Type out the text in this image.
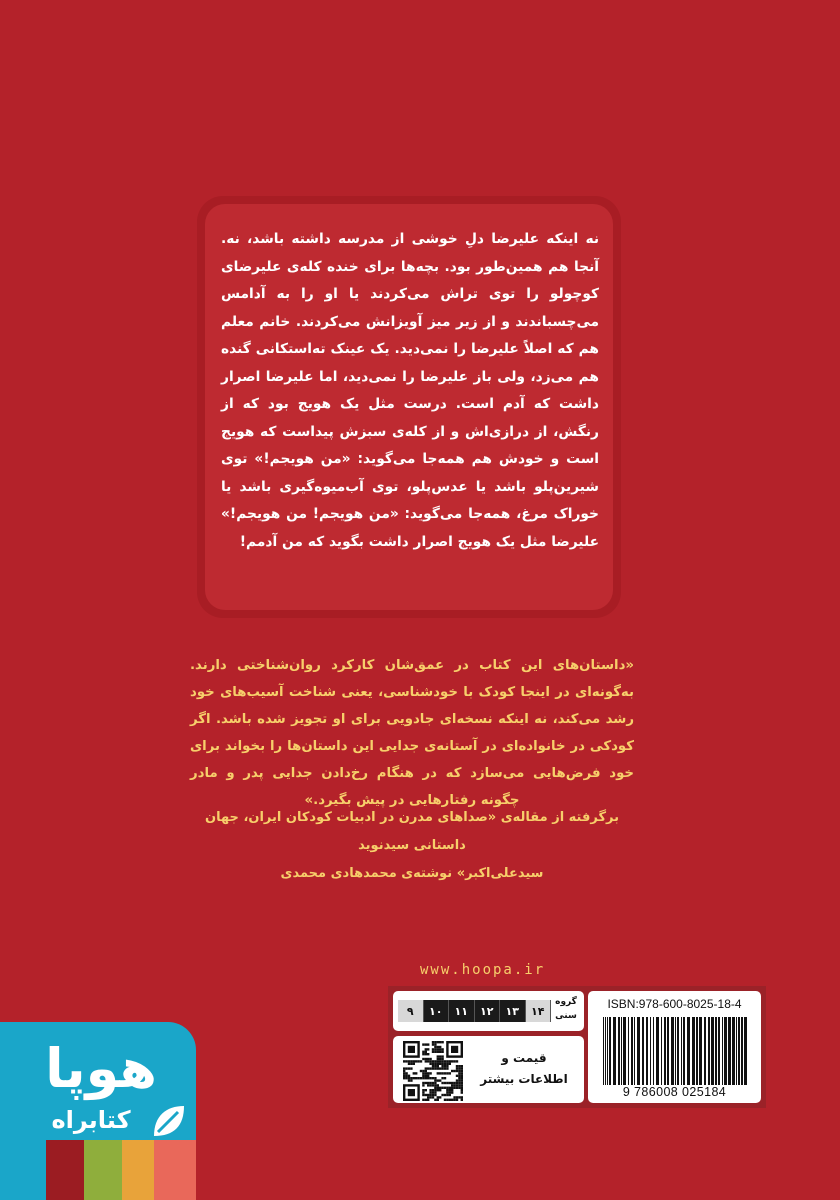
نه اینکه علیرضا دلِ خوشی از مدرسه داشته باشد، نه. آنجا هم همین‌طور بود. بچه‌ها برای خنده کله‌ی علیرضای کوچولو را توی تراش می‌کردند یا او را به آدامس می‌چسباندند و از زیر میز آویزانش می‌کردند. خانم معلم هم که اصلاً علیرضا را نمی‌دید. یک عینک ته‌استکانی گنده هم می‌زد، ولی باز علیرضا را نمی‌دید، اما علیرضا اصرار داشت که آدم است. درست مثل یک هویج بود که از رنگش، از درازی‌اش و از کله‌ی سبزش پیداست که هویج است و خودش هم همه‌جا می‌گوید: «من هویجم!» توی شیرین‌پلو باشد یا عدس‌پلو، توی آب‌میوه‌گیری باشد یا خوراک مرغ، همه‌جا می‌گوید: «من هویجم! من هویجم!» علیرضا مثل یک هویج اصرار داشت بگوید که من آدمم!
«داستان‌های این کتاب در عمق‌شان کارکرد روان‌شناختی دارند. به‌گونه‌ای در اینجا کودک با خودشناسی، یعنی شناخت آسیب‌های خود رشد می‌کند، نه اینکه نسخه‌ای جادویی برای او تجویز شده باشد. اگر کودکی در خانواده‌ای در آستانه‌ی جدایی این داستان‌ها را بخواند برای خود فرض‌هایی می‌سازد که در هنگام رخ‌دادن جدایی پدر و مادر چگونه رفتارهایی در پیش بگیرد.»
برگرفته از مقاله‌ی «صداهای مدرن در ادبیات کودکان ایران، جهان داستانی سیدنوید
سیدعلی‌اکبر» نوشته‌ی محمدهادی محمدی
www.hoopa.ir
۹	۱۰	۱۱	۱۲	۱۳	۱۴
گروه
سنی
قیمت و
اطلاعات بیشتر
ISBN:978-600-8025-18-4
9 786008 025184
هوپا
کتابراه
